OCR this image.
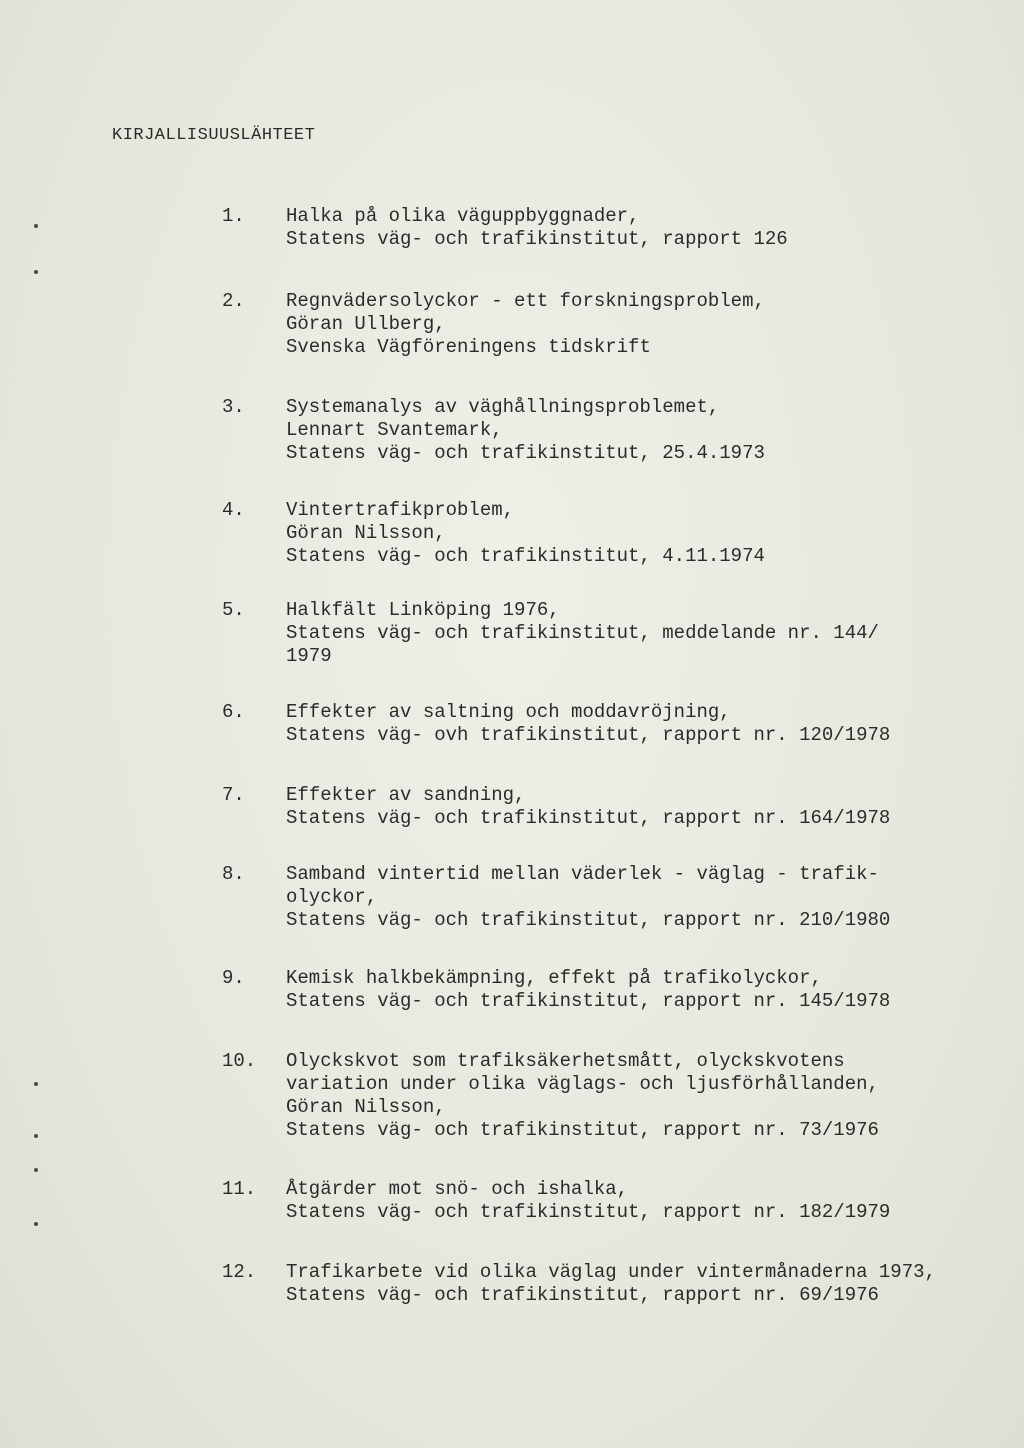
KIRJALLISUUSLÄHTEET
1.	Halka på olika väguppbyggnader,
Statens väg- och trafikinstitut, rapport 126
2.	Regnvädersolyckor - ett forskningsproblem,
Göran Ullberg,
Svenska Vägföreningens tidskrift
3.	Systemanalys av väghållningsproblemet,
Lennart Svantemark,
Statens väg- och trafikinstitut, 25.4.1973
4.	Vintertrafikproblem,
Göran Nilsson,
Statens väg- och trafikinstitut, 4.11.1974
5.	Halkfält Linköping 1976,
Statens väg- och trafikinstitut, meddelande nr. 144/
1979
6.	Effekter av saltning och moddavröjning,
Statens väg- ovh trafikinstitut, rapport nr. 120/1978
7.	Effekter av sandning,
Statens väg- och trafikinstitut, rapport nr. 164/1978
8.	Samband vintertid mellan väderlek - väglag - trafik-
olyckor,
Statens väg- och trafikinstitut, rapport nr. 210/1980
9.	Kemisk halkbekämpning, effekt på trafikolyckor,
Statens väg- och trafikinstitut, rapport nr. 145/1978
10.	Olyckskvot som trafiksäkerhetsmått, olyckskvotens
variation under olika väglags- och ljusförhållanden,
Göran Nilsson,
Statens väg- och trafikinstitut, rapport nr. 73/1976
11.	Åtgärder mot snö- och ishalka,
Statens väg- och trafikinstitut, rapport nr. 182/1979
12.	Trafikarbete vid olika väglag under vintermånaderna 1973,
Statens väg- och trafikinstitut, rapport nr. 69/1976
